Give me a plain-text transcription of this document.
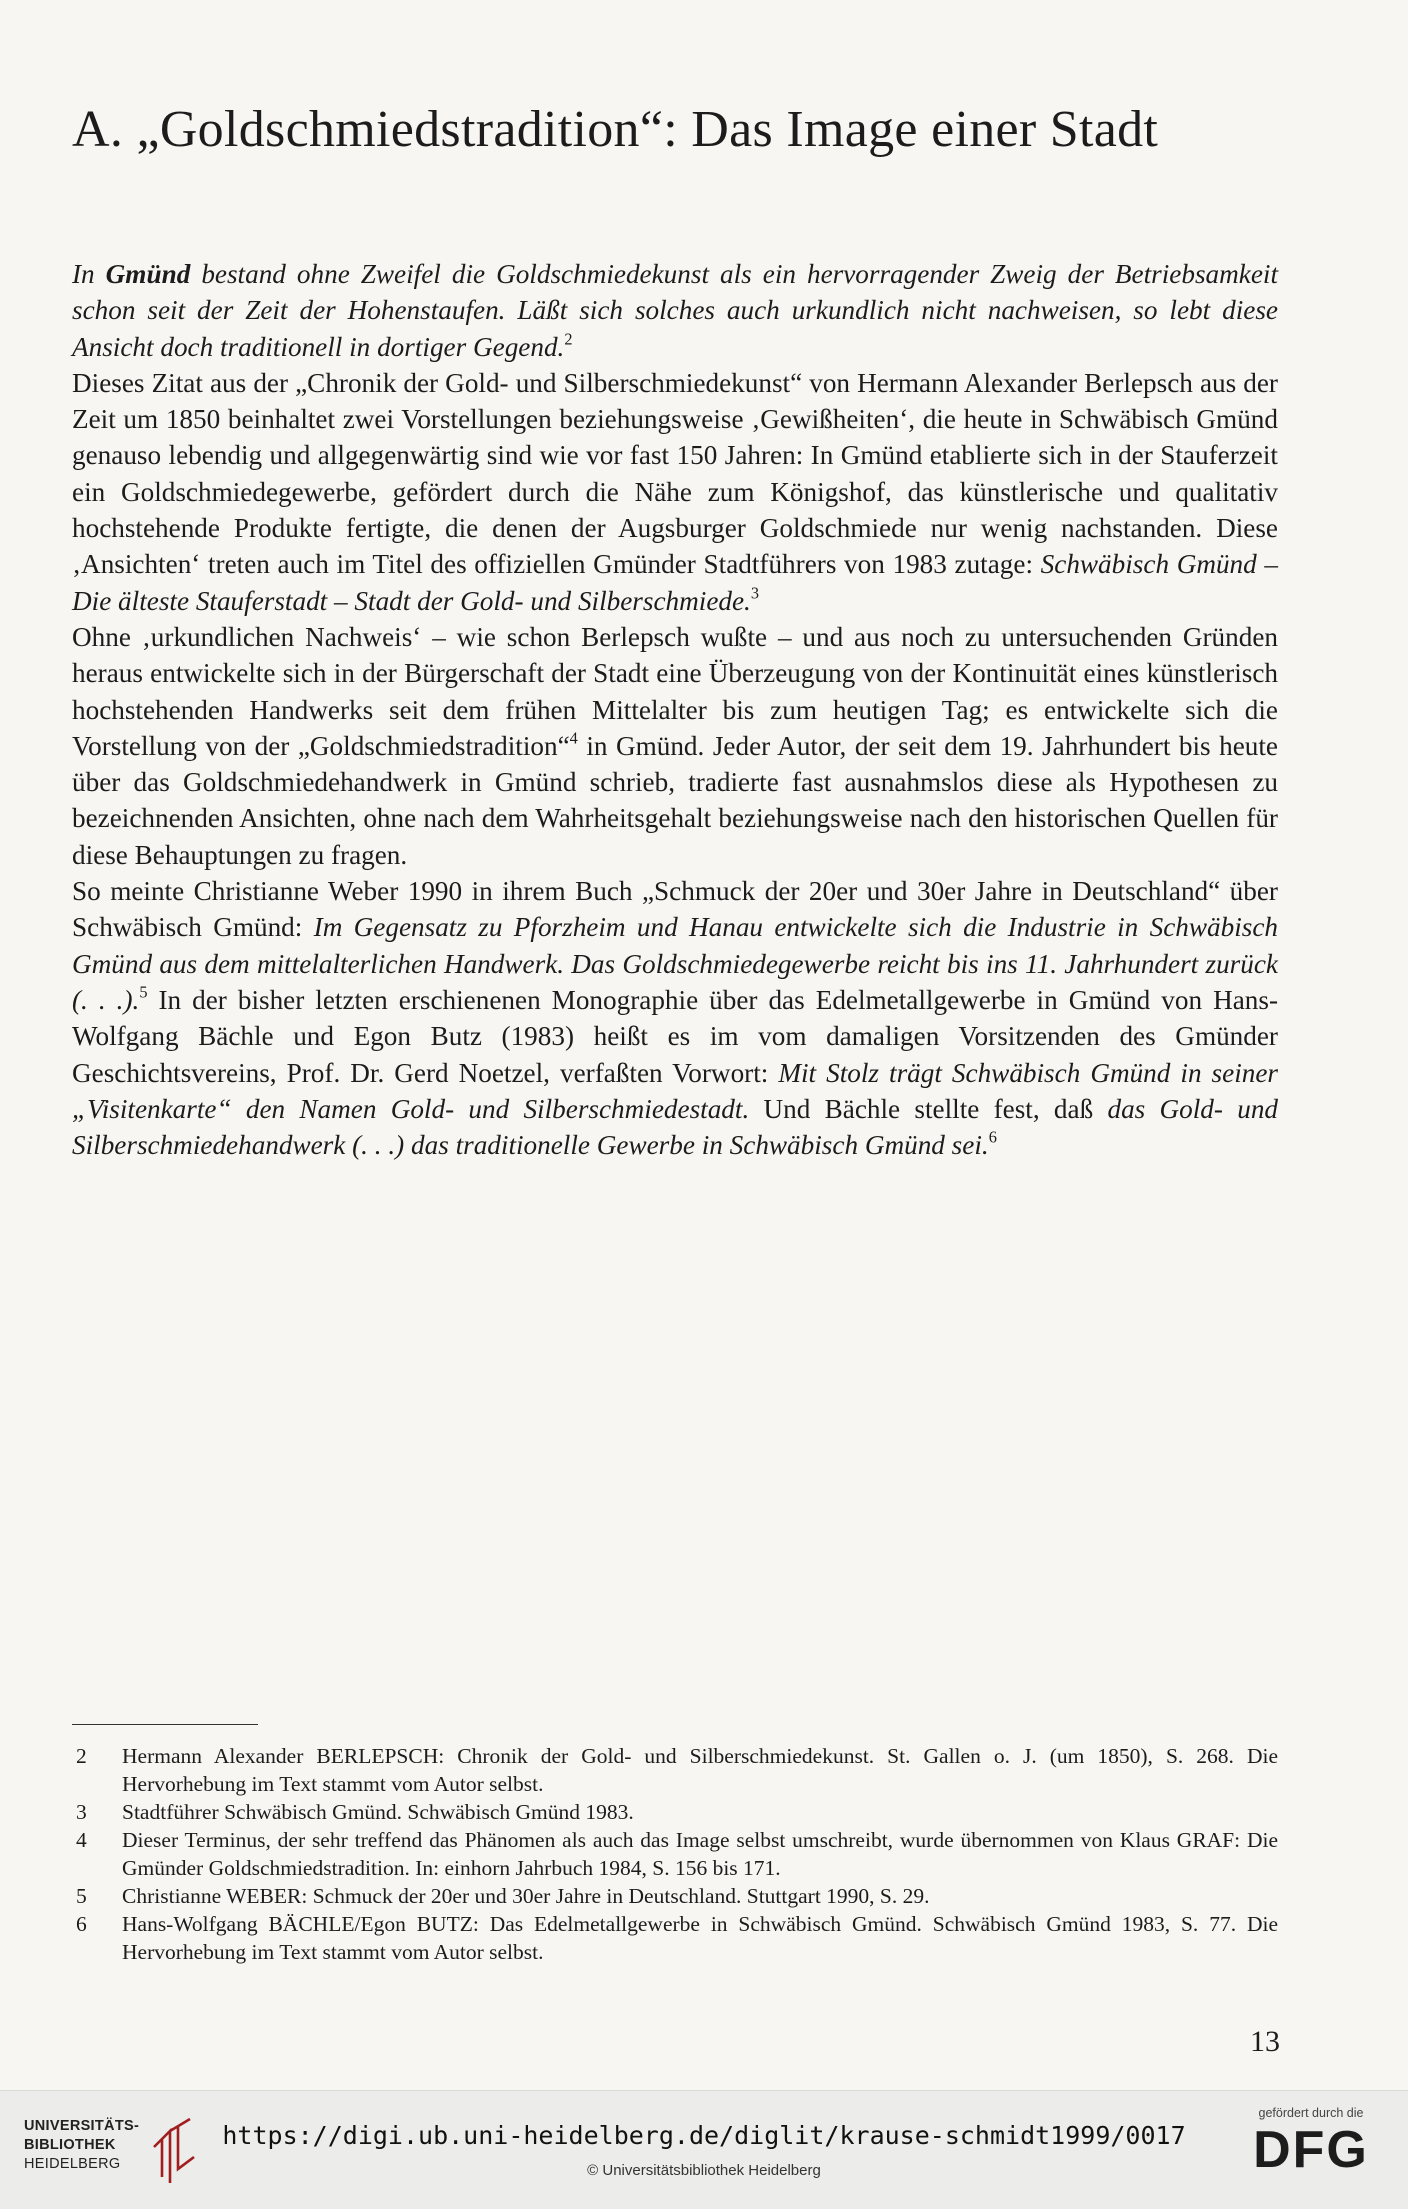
A. „Goldschmiedstradition“: Das Image einer Stadt

In Gmünd bestand ohne Zweifel die Goldschmiedekunst als ein hervorragender Zweig der Betriebsamkeit schon seit der Zeit der Hohenstaufen. Läßt sich solches auch urkundlich nicht nachweisen, so lebt diese Ansicht doch traditionell in dortiger Gegend.$^2$

Dieses Zitat aus der „Chronik der Gold- und Silberschmiedekunst“ von Hermann Alexander Berlepsch aus der Zeit um 1850 beinhaltet zwei Vorstellungen beziehungsweise ‚Gewißheiten‘, die heute in Schwäbisch Gmünd genauso lebendig und allgegenwärtig sind wie vor fast 150 Jahren: In Gmünd etablierte sich in der Stauferzeit ein Goldschmiedegewerbe, gefördert durch die Nähe zum Königshof, das künstlerische und qualitativ hochstehende Produkte fertigte, die denen der Augsburger Goldschmiede nur wenig nachstanden. Diese ‚Ansichten‘ treten auch im Titel des offiziellen Gmünder Stadtführers von 1983 zutage: Schwäbisch Gmünd – Die älteste Stauferstadt – Stadt der Gold- und Silberschmiede.$^3$

Ohne ‚urkundlichen Nachweis‘ – wie schon Berlepsch wußte – und aus noch zu untersuchenden Gründen heraus entwickelte sich in der Bürgerschaft der Stadt eine Überzeugung von der Kontinuität eines künstlerisch hochstehenden Handwerks seit dem frühen Mittelalter bis zum heutigen Tag; es entwickelte sich die Vorstellung von der „Goldschmiedstradition“$^4$ in Gmünd. Jeder Autor, der seit dem 19. Jahrhundert bis heute über das Goldschmiedehandwerk in Gmünd schrieb, tradierte fast ausnahmslos diese als Hypothesen zu bezeichnenden Ansichten, ohne nach dem Wahrheitsgehalt beziehungsweise nach den historischen Quellen für diese Behauptungen zu fragen.

So meinte Christianne Weber 1990 in ihrem Buch „Schmuck der 20er und 30er Jahre in Deutschland“ über Schwäbisch Gmünd: Im Gegensatz zu Pforzheim und Hanau entwickelte sich die Industrie in Schwäbisch Gmünd aus dem mittelalterlichen Handwerk. Das Goldschmiedegewerbe reicht bis ins 11. Jahrhundert zurück (. . .).$^5$ In der bisher letzten erschienenen Monographie über das Edelmetallgewerbe in Gmünd von Hans-Wolfgang Bächle und Egon Butz (1983) heißt es im vom damaligen Vorsitzenden des Gmünder Geschichtsvereins, Prof. Dr. Gerd Noetzel, verfaßten Vorwort: Mit Stolz trägt Schwäbisch Gmünd in seiner „Visitenkarte“ den Namen Gold- und Silberschmiedestadt. Und Bächle stellte fest, daß das Gold- und Silberschmiedehandwerk (. . .) das traditionelle Gewerbe in Schwäbisch Gmünd sei.$^6$

2	Hermann Alexander BERLEPSCH: Chronik der Gold- und Silberschmiedekunst. St. Gallen o. J. (um 1850), S. 268. Die Hervorhebung im Text stammt vom Autor selbst.
3	Stadtführer Schwäbisch Gmünd. Schwäbisch Gmünd 1983.
4	Dieser Terminus, der sehr treffend das Phänomen als auch das Image selbst umschreibt, wurde übernommen von Klaus GRAF: Die Gmünder Goldschmiedstradition. In: einhorn Jahrbuch 1984, S. 156 bis 171.
5	Christianne WEBER: Schmuck der 20er und 30er Jahre in Deutschland. Stuttgart 1990, S. 29.
6	Hans-Wolfgang BÄCHLE/Egon BUTZ: Das Edelmetallgewerbe in Schwäbisch Gmünd. Schwäbisch Gmünd 1983, S. 77. Die Hervorhebung im Text stammt vom Autor selbst.
13
UNIVERSITÄTS-
BIBLIOTHEK
HEIDELBERG
https://digi.ub.uni-heidelberg.de/diglit/krause-schmidt1999/0017
© Universitätsbibliothek Heidelberg
gefördert durch die
DFG
